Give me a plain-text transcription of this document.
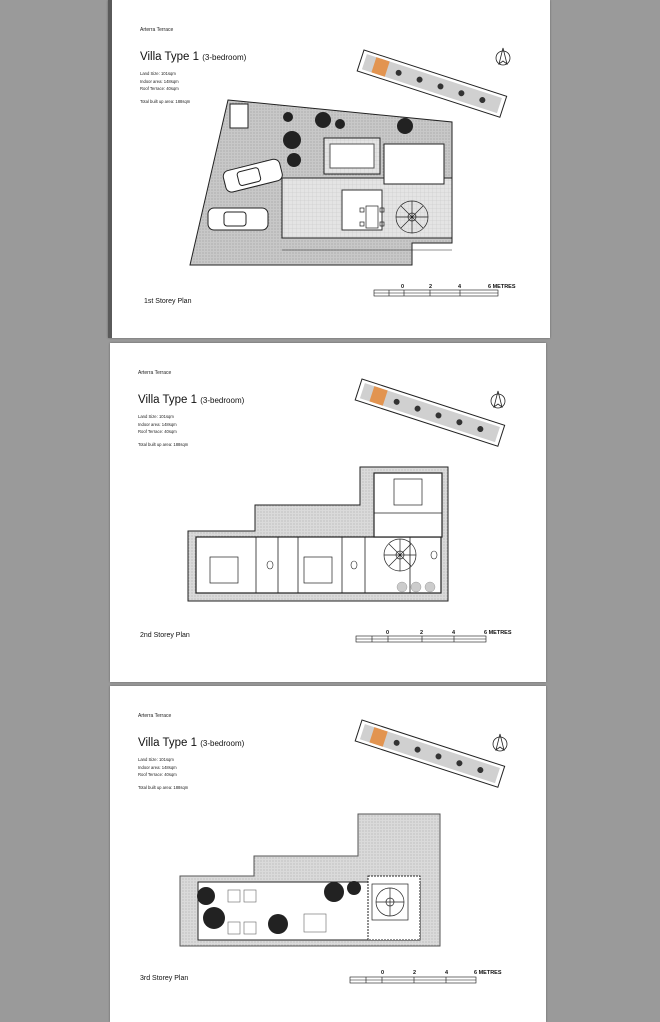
Arterra Terrace
Villa Type 1 (3-bedroom)
Land Size: 101sqm
Indoor area: 148sqm
Roof Terrace: 40sqm
Total built up area: 188sqm
0	2	4	6 METRES
1st Storey Plan
Arterra Terrace
Villa Type 1 (3-bedroom)
Land Size: 101sqm
Indoor area: 148sqm
Roof Terrace: 40sqm
Total built up area: 188sqm
0	2	4	6 METRES
2nd Storey Plan
Arterra Terrace
Villa Type 1 (3-bedroom)
Land Size: 101sqm
Indoor area: 148sqm
Roof Terrace: 40sqm
Total built up area: 188sqm
0	2	4	6 METRES
3rd Storey Plan
